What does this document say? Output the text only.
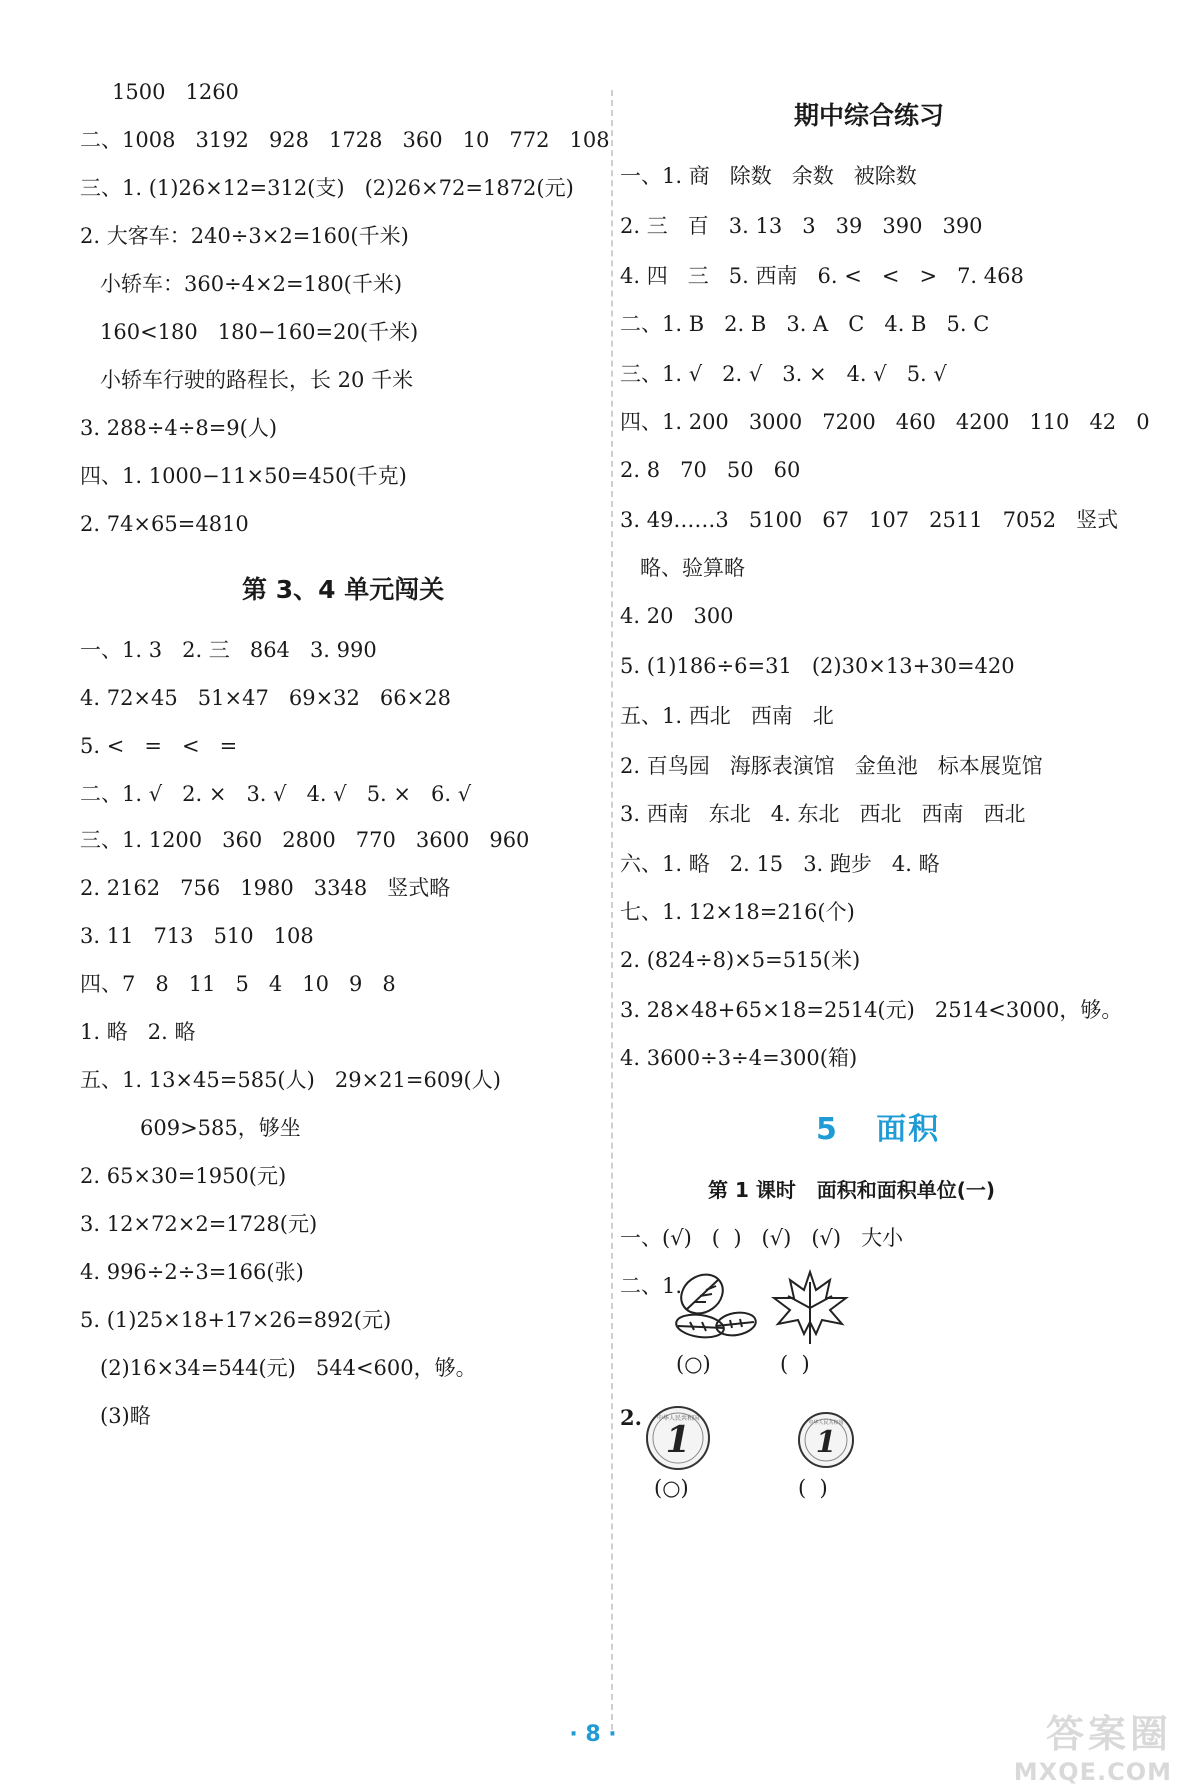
1500   1260
二、1008   3192   928   1728   360   10   772   108
三、1. (1)26×12=312(支)   (2)26×72=1872(元)
2. 大客车：240÷3×2=160(千米)
小轿车：360÷4×2=180(千米)
160<180   180−160=20(千米)
小轿车行驶的路程长，长 20 千米
3. 288÷4÷8=9(人)
四、1. 1000−11×50=450(千克)
2. 74×65=4810
第 3、4 单元闯关
一、1. 3   2. 三   864   3. 990
4. 72×45   51×47   69×32   66×28
5. <   =   <   =
二、1. √   2. ×   3. √   4. √   5. ×   6. √
三、1. 1200   360   2800   770   3600   960
2. 2162   756   1980   3348   竖式略
3. 11   713   510   108
四、7   8   11   5   4   10   9   8
1. 略   2. 略
五、1. 13×45=585(人)   29×21=609(人)
609>585，够坐
2. 65×30=1950(元)
3. 12×72×2=1728(元)
4. 996÷2÷3=166(张)
5. (1)25×18+17×26=892(元)
(2)16×34=544(元)   544<600，够。
(3)略
期中综合练习
一、1. 商   除数   余数   被除数
2. 三   百   3. 13   3   39   390   390
4. 四   三   5. 西南   6. <   <   >   7. 468
二、1. B   2. B   3. A   C   4. B   5. C
三、1. √   2. √   3. ×   4. √   5. √
四、1. 200   3000   7200   460   4200   110   42   0
2. 8   70   50   60
3. 49……3   5100   67   107   2511   7052   竖式
略、验算略
4. 20   300
5. (1)186÷6=31   (2)30×13+30=420
五、1. 西北   西南   北
2. 百鸟园   海豚表演馆   金鱼池   标本展览馆
3. 西南   东北   4. 东北   西北   西南   西北
六、1. 略   2. 15   3. 跑步   4. 略
七、1. 12×18=216(个)
2. (824÷8)×5=515(米)
3. 28×48+65×18=2514(元)   2514<3000，够。
4. 3600÷3÷4=300(箱)
5   面积
第 1 课时   面积和面积单位(一)
一、(√)   (  )   (√)   (√)   大小
二、1.
(○)	(  )
2.
1
中华人民共和国
1
中华人民共和国
(○)	(  )
· 8 ·	答案圈
MXQE.COM
